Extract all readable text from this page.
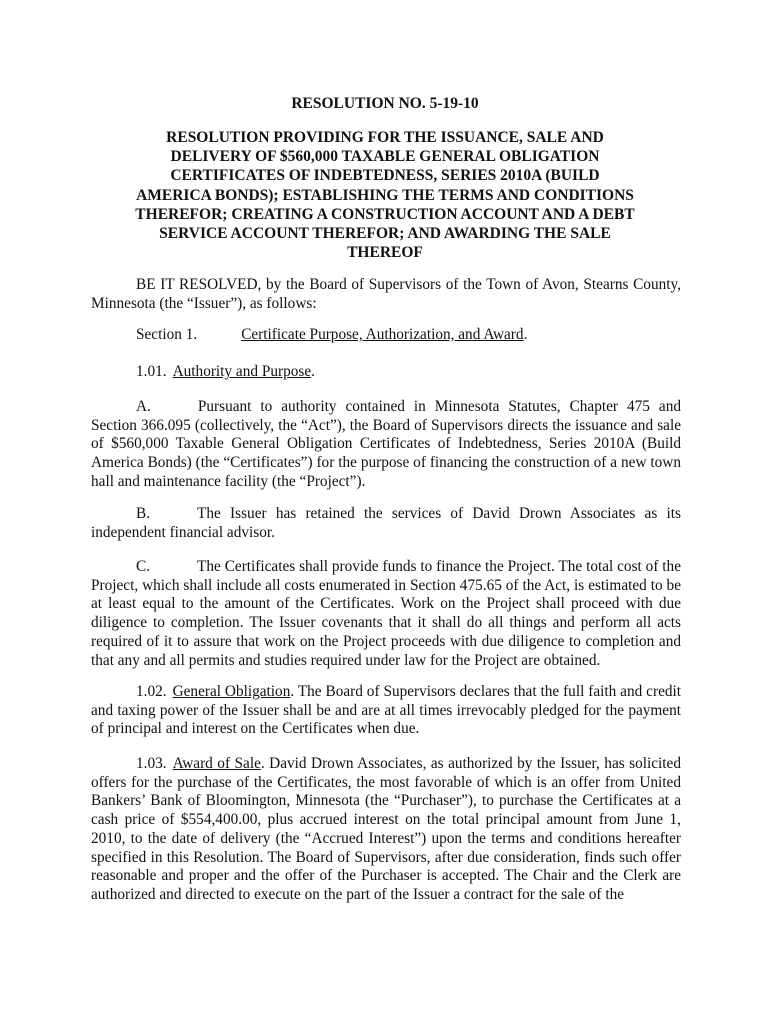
RESOLUTION NO. 5-19-10
RESOLUTION PROVIDING FOR THE ISSUANCE, SALE AND
DELIVERY OF $560,000 TAXABLE GENERAL OBLIGATION
CERTIFICATES OF INDEBTEDNESS, SERIES 2010A (BUILD
AMERICA BONDS); ESTABLISHING THE TERMS AND CONDITIONS
THEREFOR; CREATING A CONSTRUCTION ACCOUNT AND A DEBT
SERVICE ACCOUNT THEREFOR; AND AWARDING THE SALE
THEREOF
BE IT RESOLVED, by the Board of Supervisors of the Town of Avon, Stearns County, Minnesota (the “Issuer”), as follows:
Section 1.	Certificate Purpose, Authorization, and Award.
1.01. Authority and Purpose.
A.	Pursuant to authority contained in Minnesota Statutes, Chapter 475 and Section 366.095 (collectively, the “Act”), the Board of Supervisors directs the issuance and sale of $560,000 Taxable General Obligation Certificates of Indebtedness, Series 2010A (Build America Bonds) (the “Certificates”) for the purpose of financing the construction of a new town hall and maintenance facility (the “Project”).
B.	The Issuer has retained the services of David Drown Associates as its independent financial advisor.
C.	The Certificates shall provide funds to finance the Project. The total cost of the Project, which shall include all costs enumerated in Section 475.65 of the Act, is estimated to be at least equal to the amount of the Certificates. Work on the Project shall proceed with due diligence to completion. The Issuer covenants that it shall do all things and perform all acts required of it to assure that work on the Project proceeds with due diligence to completion and that any and all permits and studies required under law for the Project are obtained.
1.02. General Obligation. The Board of Supervisors declares that the full faith and credit and taxing power of the Issuer shall be and are at all times irrevocably pledged for the payment of principal and interest on the Certificates when due.
1.03. Award of Sale. David Drown Associates, as authorized by the Issuer, has solicited offers for the purchase of the Certificates, the most favorable of which is an offer from United Bankers’ Bank of Bloomington, Minnesota (the “Purchaser”), to purchase the Certificates at a cash price of $554,400.00, plus accrued interest on the total principal amount from June 1, 2010, to the date of delivery (the “Accrued Interest”) upon the terms and conditions hereafter specified in this Resolution. The Board of Supervisors, after due consideration, finds such offer reasonable and proper and the offer of the Purchaser is accepted. The Chair and the Clerk are authorized and directed to execute on the part of the Issuer a contract for the sale of the
